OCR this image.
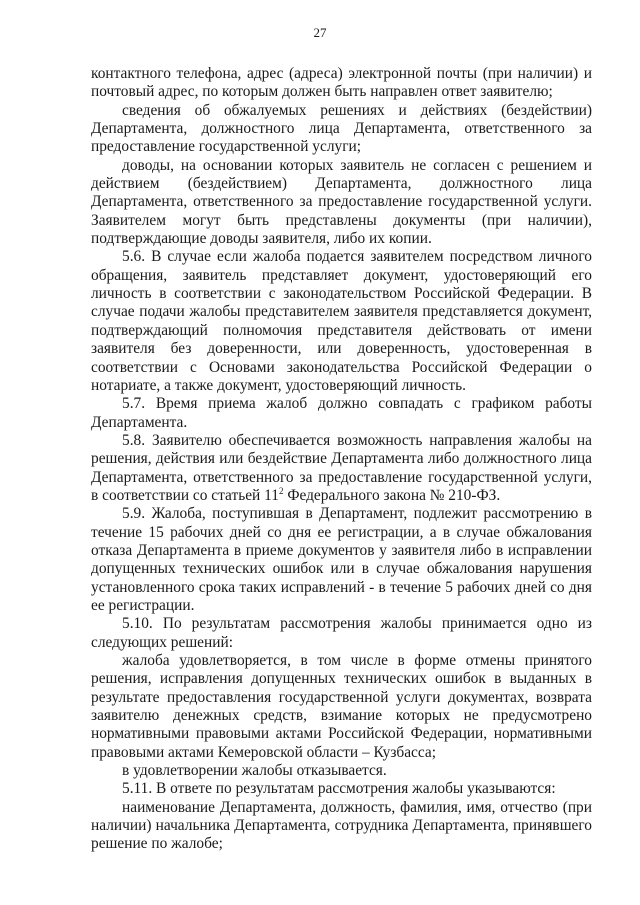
27

контактного телефона, адрес (адреса) электронной почты (при наличии) и почтовый адрес, по которым должен быть направлен ответ заявителю;

сведения об обжалуемых решениях и действиях (бездействии) Департамента, должностного лица Департамента, ответственного за предоставление государственной услуги;

доводы, на основании которых заявитель не согласен с решением и действием (бездействием) Департамента, должностного лица Департамента, ответственного за предоставление государственной услуги. Заявителем могут быть представлены документы (при наличии), подтверждающие доводы заявителя, либо их копии.

5.6. В случае если жалоба подается заявителем посредством личного обращения, заявитель представляет документ, удостоверяющий его личность в соответствии с законодательством Российской Федерации. В случае подачи жалобы представителем заявителя представляется документ, подтверждающий полномочия представителя действовать от имени заявителя без доверенности, или доверенность, удостоверенная в соответствии с Основами законодательства Российской Федерации о нотариате, а также документ, удостоверяющий личность.

5.7. Время приема жалоб должно совпадать с графиком работы Департамента.

5.8. Заявителю обеспечивается возможность направления жалобы на решения, действия или бездействие Департамента либо должностного лица Департамента, ответственного за предоставление государственной услуги, в соответствии со статьей $11^2$ Федерального закона № 210-ФЗ.

5.9. Жалоба, поступившая в Департамент, подлежит рассмотрению в течение 15 рабочих дней со дня ее регистрации, а в случае обжалования отказа Департамента в приеме документов у заявителя либо в исправлении допущенных технических ошибок или в случае обжалования нарушения установленного срока таких исправлений - в течение 5 рабочих дней со дня ее регистрации.

5.10. По результатам рассмотрения жалобы принимается одно из следующих решений:

жалоба удовлетворяется, в том числе в форме отмены принятого решения, исправления допущенных технических ошибок в выданных в результате предоставления государственной услуги документах, возврата заявителю денежных средств, взимание которых не предусмотрено нормативными правовыми актами Российской Федерации, нормативными правовыми актами Кемеровской области – Кузбасса;

в удовлетворении жалобы отказывается.

5.11. В ответе по результатам рассмотрения жалобы указываются:

наименование Департамента, должность, фамилия, имя, отчество (при наличии) начальника Департамента, сотрудника Департамента, принявшего решение по жалобе;
